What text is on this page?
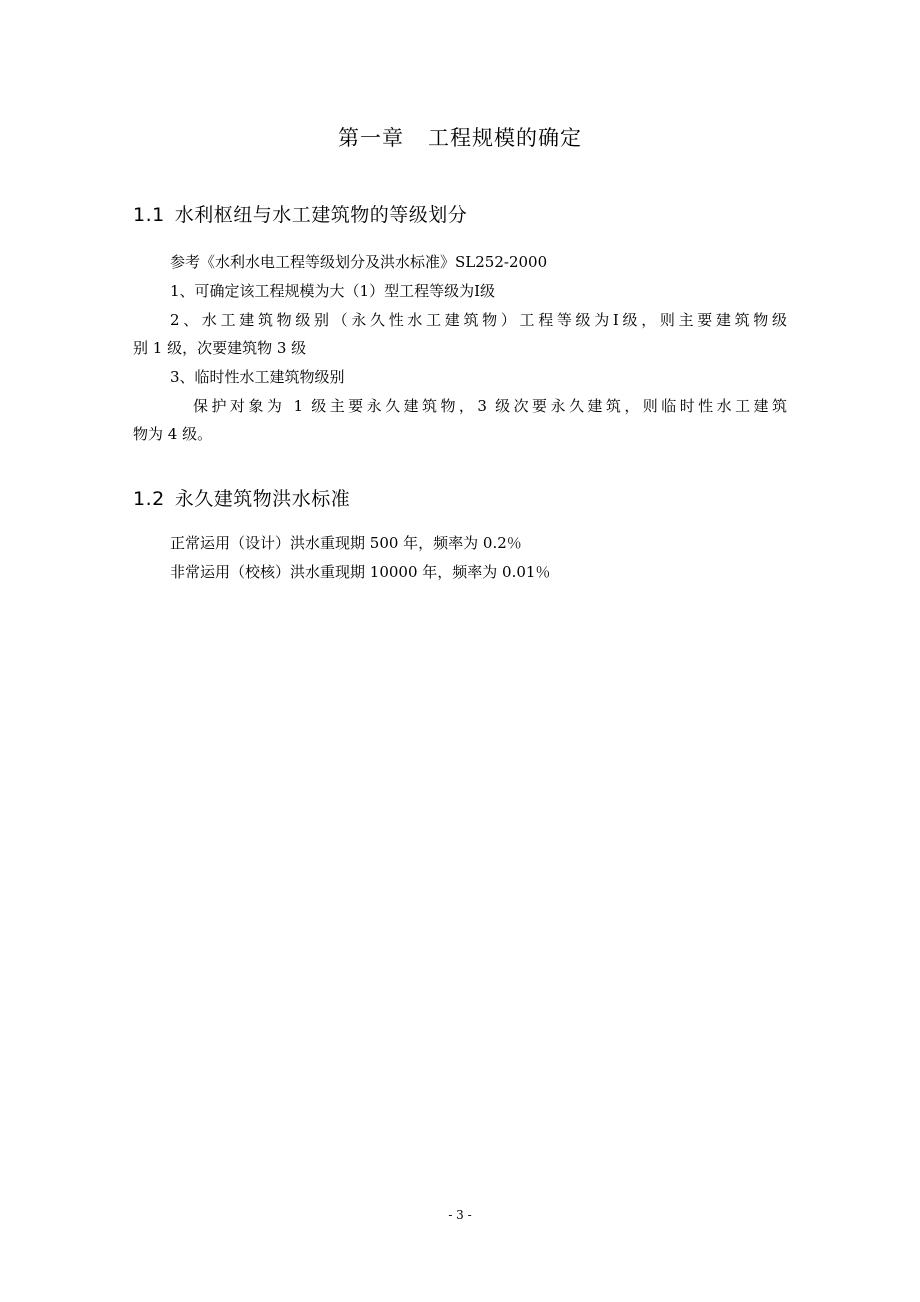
第一章 工程规模的确定
1.1 水利枢纽与水工建筑物的等级划分

参考《水利水电工程等级划分及洪水标准》SL252-2000

1、可确定该工程规模为大（1）型工程等级为Ⅰ级

2、水工建筑物级别（永久性水工建筑物）工程等级为Ⅰ级，则主要建筑物级

别 1 级，次要建筑物 3 级

3、临时性水工建筑物级别

保护对象为 1 级主要永久建筑物，3 级次要永久建筑，则临时性水工建筑

物为 4 级。

1.2 永久建筑物洪水标准

正常运用（设计）洪水重现期 500 年，频率为 0.2％

非常运用（校核）洪水重现期 10000 年，频率为 0.01％

- 3 -
